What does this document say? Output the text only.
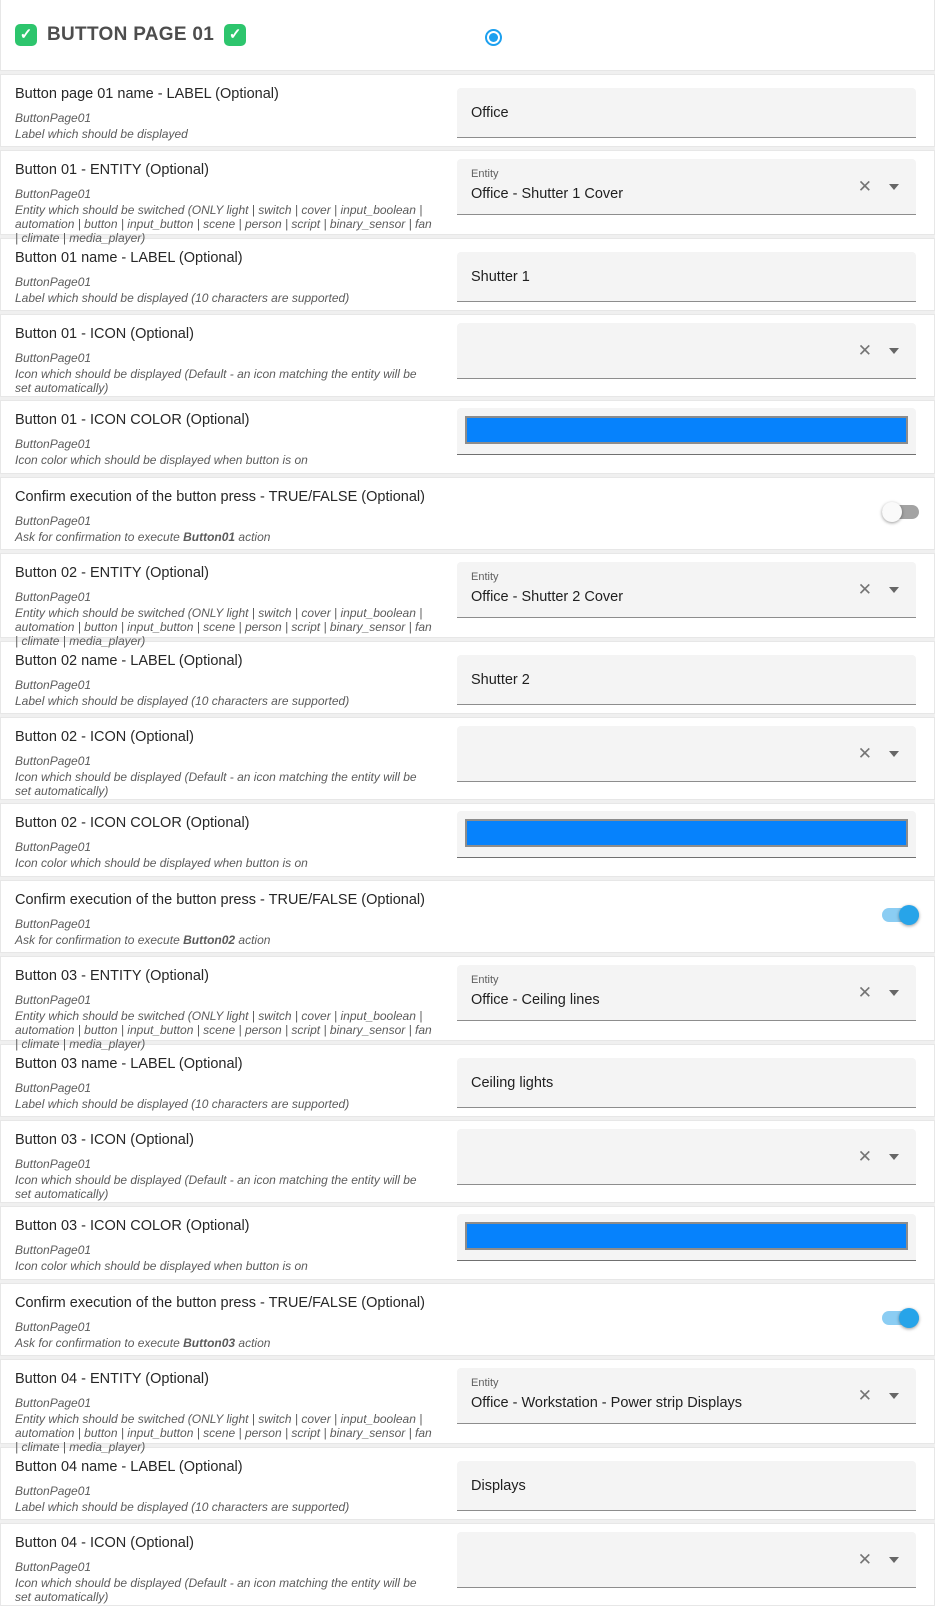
✓ BUTTON PAGE 01 ✓
Button page 01 name - LABEL (Optional)
ButtonPage01
Label which should be displayed
Office
Button 01 - ENTITY (Optional)
ButtonPage01
Entity which should be switched (ONLY light | switch | cover | input_boolean | automation | button | input_button | scene | person | script | binary_sensor | fan | climate | media_player)
Entity
Office - Shutter 1 Cover	✕
Button 01 name - LABEL (Optional)
ButtonPage01
Label which should be displayed (10 characters are supported)
Shutter 1
Button 01 - ICON (Optional)
ButtonPage01
Icon which should be displayed (Default - an icon matching the entity will be set automatically)
✕
Button 01 - ICON COLOR (Optional)
ButtonPage01
Icon color which should be displayed when button is on
Confirm execution of the button press - TRUE/FALSE (Optional)
ButtonPage01
Ask for confirmation to execute Button01 action
Button 02 - ENTITY (Optional)
ButtonPage01
Entity which should be switched (ONLY light | switch | cover | input_boolean | automation | button | input_button | scene | person | script | binary_sensor | fan | climate | media_player)
Entity
Office - Shutter 2 Cover	✕
Button 02 name - LABEL (Optional)
ButtonPage01
Label which should be displayed (10 characters are supported)
Shutter 2
Button 02 - ICON (Optional)
ButtonPage01
Icon which should be displayed (Default - an icon matching the entity will be set automatically)
✕
Button 02 - ICON COLOR (Optional)
ButtonPage01
Icon color which should be displayed when button is on
Confirm execution of the button press - TRUE/FALSE (Optional)
ButtonPage01
Ask for confirmation to execute Button02 action
Button 03 - ENTITY (Optional)
ButtonPage01
Entity which should be switched (ONLY light | switch | cover | input_boolean | automation | button | input_button | scene | person | script | binary_sensor | fan | climate | media_player)
Entity
Office - Ceiling lines	✕
Button 03 name - LABEL (Optional)
ButtonPage01
Label which should be displayed (10 characters are supported)
Ceiling lights
Button 03 - ICON (Optional)
ButtonPage01
Icon which should be displayed (Default - an icon matching the entity will be set automatically)
✕
Button 03 - ICON COLOR (Optional)
ButtonPage01
Icon color which should be displayed when button is on
Confirm execution of the button press - TRUE/FALSE (Optional)
ButtonPage01
Ask for confirmation to execute Button03 action
Button 04 - ENTITY (Optional)
ButtonPage01
Entity which should be switched (ONLY light | switch | cover | input_boolean | automation | button | input_button | scene | person | script | binary_sensor | fan | climate | media_player)
Entity
Office - Workstation - Power strip Displays	✕
Button 04 name - LABEL (Optional)
ButtonPage01
Label which should be displayed (10 characters are supported)
Displays
Button 04 - ICON (Optional)
ButtonPage01
Icon which should be displayed (Default - an icon matching the entity will be set automatically)
✕
